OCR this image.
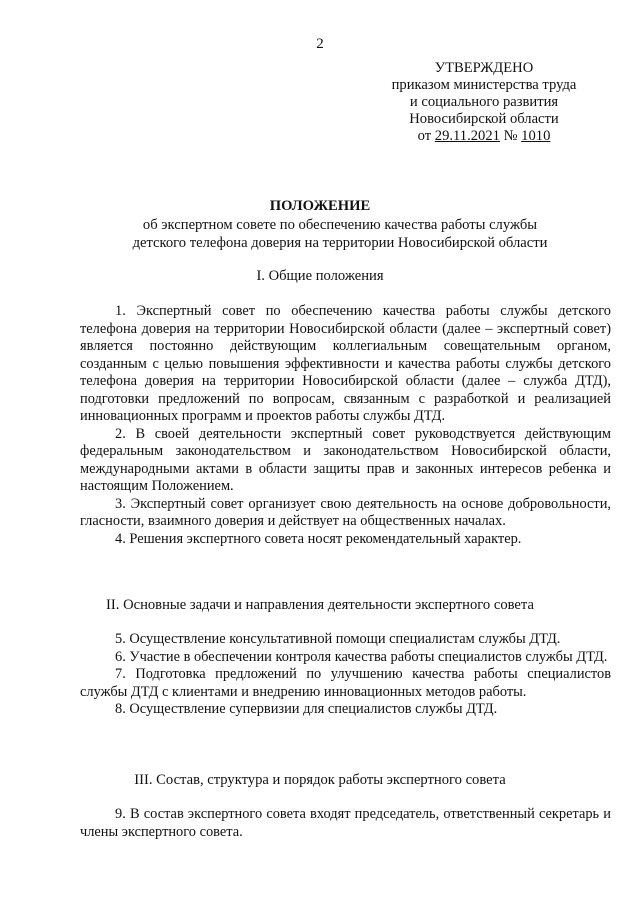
2
УТВЕРЖДЕНО
приказом министерства труда
и социального развития
Новосибирской области
от 29.11.2021 № 1010
ПОЛОЖЕНИЕ
об экспертном совете по обеспечению качества работы службы детского телефона доверия на территории Новосибирской области
I. Общие положения

1. Экспертный совет по обеспечению качества работы службы детского телефона доверия на территории Новосибирской области (далее – экспертный совет) является постоянно действующим коллегиальным совещательным органом, созданным с целью повышения эффективности и качества работы службы детского телефона доверия на территории Новосибирской области (далее – служба ДТД), подготовки предложений по вопросам, связанным с разработкой и реализацией инновационных программ и проектов работы службы ДТД.

2. В своей деятельности экспертный совет руководствуется действующим федеральным законодательством и законодательством Новосибирской области, международными актами в области защиты прав и законных интересов ребенка и настоящим Положением.

3. Экспертный совет организует свою деятельность на основе добровольности, гласности, взаимного доверия и действует на общественных началах.

4. Решения экспертного совета носят рекомендательный характер.

II. Основные задачи и направления деятельности экспертного совета

5. Осуществление консультативной помощи специалистам службы ДТД.

6. Участие в обеспечении контроля качества работы специалистов службы ДТД.

7. Подготовка предложений по улучшению качества работы специалистов службы ДТД с клиентами и внедрению инновационных методов работы.

8. Осуществление супервизии для специалистов службы ДТД.

III. Состав, структура и порядок работы экспертного совета

9. В состав экспертного совета входят председатель, ответственный секретарь и члены экспертного совета.
